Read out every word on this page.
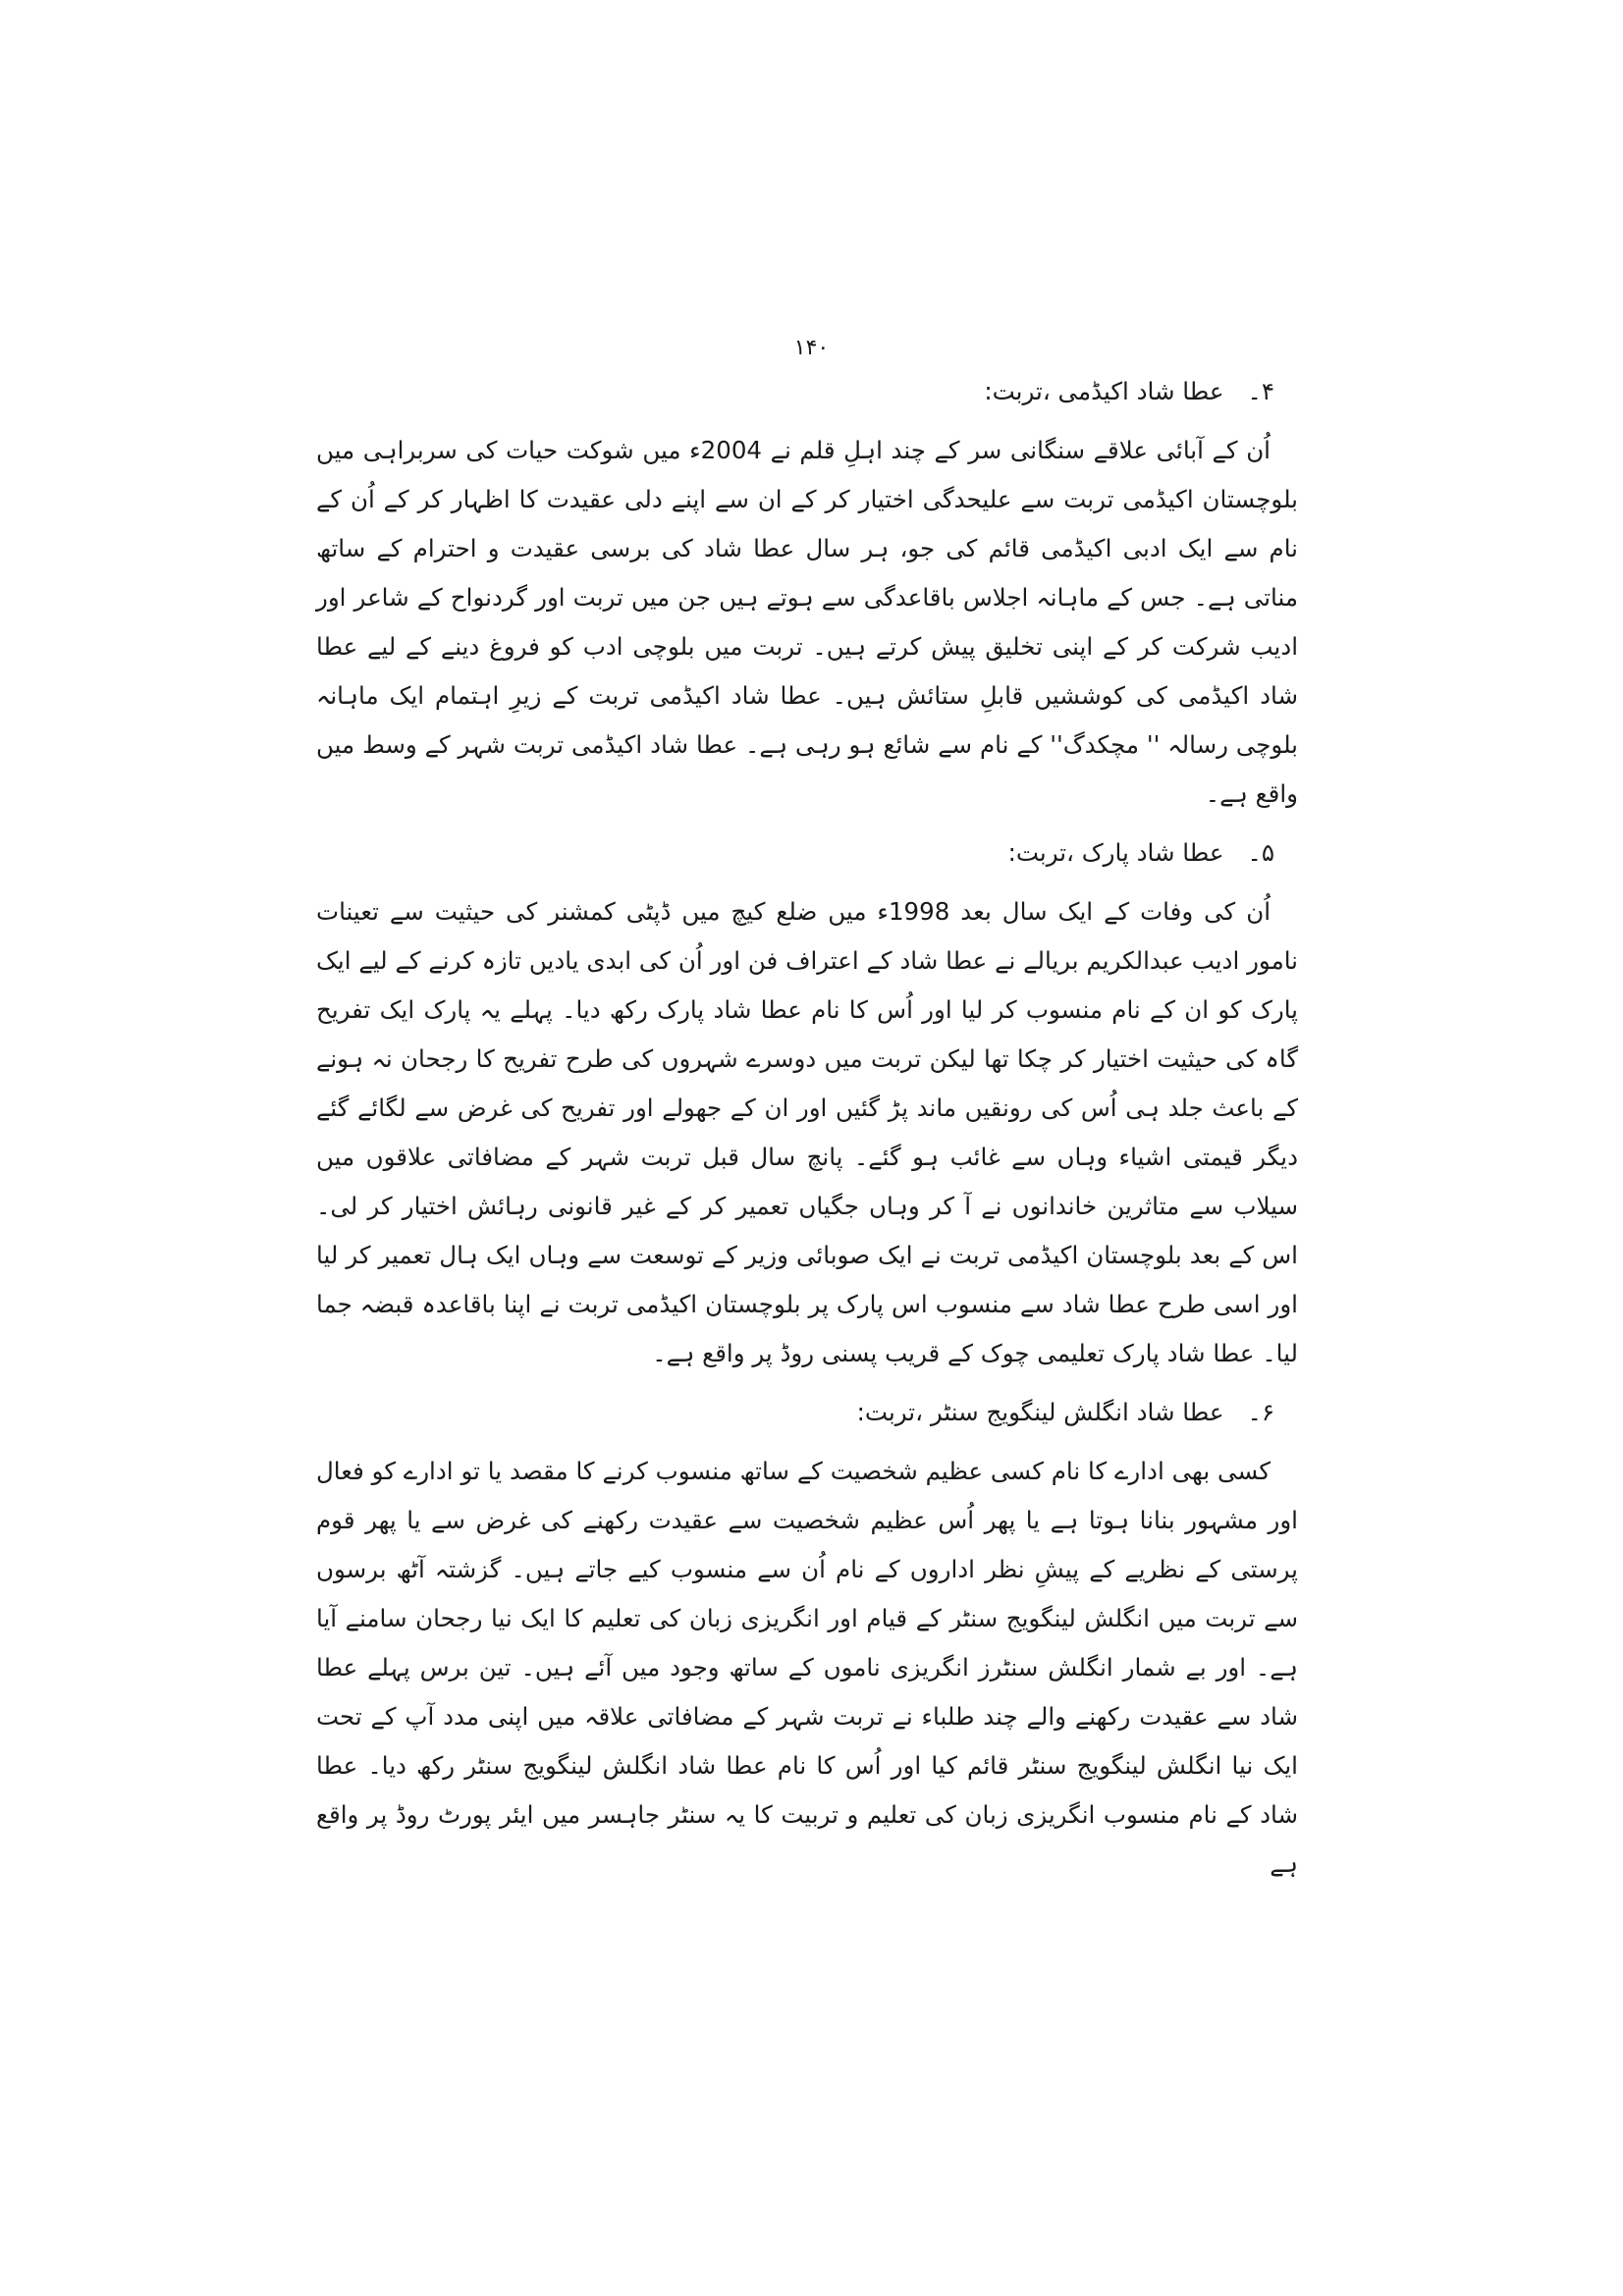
۱۴۰

۴۔عطا شاد اکیڈمی ،تربت:

اُن کے آبائی علاقے سنگانی سر کے چند اہلِ قلم نے 2004ء میں شوکت حیات کی سربراہی میں بلوچستان اکیڈمی تربت سے علیحدگی اختیار کر کے ان سے اپنے دلی عقیدت کا اظہار کر کے اُن کے نام سے ایک ادبی اکیڈمی قائم کی جو، ہر سال عطا شاد کی برسی عقیدت و احترام کے ساتھ مناتی ہے۔ جس کے ماہانہ اجلاس باقاعدگی سے ہوتے ہیں جن میں تربت اور گردنواح کے شاعر اور ادیب شرکت کر کے اپنی تخلیق پیش کرتے ہیں۔ تربت میں بلوچی ادب کو فروغ دینے کے لیے عطا شاد اکیڈمی کی کوششیں قابلِ ستائش ہیں۔ عطا شاد اکیڈمی تربت کے زیرِ اہتمام ایک ماہانہ بلوچی رسالہ '' مچکدگ'' کے نام سے شائع ہو رہی ہے۔ عطا شاد اکیڈمی تربت شہر کے وسط میں واقع ہے۔

۵۔عطا شاد پارک ،تربت:

اُن کی وفات کے ایک سال بعد 1998ء میں ضلع کیچ میں ڈپٹی کمشنر کی حیثیت سے تعینات نامور ادیب عبدالکریم بریالے نے عطا شاد کے اعتراف فن اور اُن کی ابدی یادیں تازہ کرنے کے لیے ایک پارک کو ان کے نام منسوب کر لیا اور اُس کا نام عطا شاد پارک رکھ دیا۔ پہلے یہ پارک ایک تفریح گاہ کی حیثیت اختیار کر چکا تھا لیکن تربت میں دوسرے شہروں کی طرح تفریح کا رجحان نہ ہونے کے باعث جلد ہی اُس کی رونقیں ماند پڑ گئیں اور ان کے جھولے اور تفریح کی غرض سے لگائے گئے دیگر قیمتی اشیاء وہاں سے غائب ہو گئے۔ پانچ سال قبل تربت شہر کے مضافاتی علاقوں میں سیلاب سے متاثرین خاندانوں نے آ کر وہاں جگیاں تعمیر کر کے غیر قانونی رہائش اختیار کر لی۔ اس کے بعد بلوچستان اکیڈمی تربت نے ایک صوبائی وزیر کے توسعت سے وہاں ایک ہال تعمیر کر لیا اور اسی طرح عطا شاد سے منسوب اس پارک پر بلوچستان اکیڈمی تربت نے اپنا باقاعدہ قبضہ جما لیا۔ عطا شاد پارک تعلیمی چوک کے قریب پسنی روڈ پر واقع ہے۔

۶۔عطا شاد انگلش لینگویج سنٹر ،تربت:

کسی بھی ادارے کا نام کسی عظیم شخصیت کے ساتھ منسوب کرنے کا مقصد یا تو ادارے کو فعال اور مشہور بنانا ہوتا ہے یا پھر اُس عظیم شخصیت سے عقیدت رکھنے کی غرض سے یا پھر قوم پرستی کے نظریے کے پیشِ نظر اداروں کے نام اُن سے منسوب کیے جاتے ہیں۔ گزشتہ آٹھ برسوں سے تربت میں انگلش لینگویج سنٹر کے قیام اور انگریزی زبان کی تعلیم کا ایک نیا رجحان سامنے آیا ہے۔ اور بے شمار انگلش سنٹرز انگریزی ناموں کے ساتھ وجود میں آئے ہیں۔ تین برس پہلے عطا شاد سے عقیدت رکھنے والے چند طلباء نے تربت شہر کے مضافاتی علاقہ میں اپنی مدد آپ کے تحت ایک نیا انگلش لینگویج سنٹر قائم کیا اور اُس کا نام عطا شاد انگلش لینگویج سنٹر رکھ دیا۔ عطا شاد کے نام منسوب انگریزی زبان کی تعلیم و تربیت کا یہ سنٹر جاہسر میں ایئر پورٹ روڈ پر واقع ہے
